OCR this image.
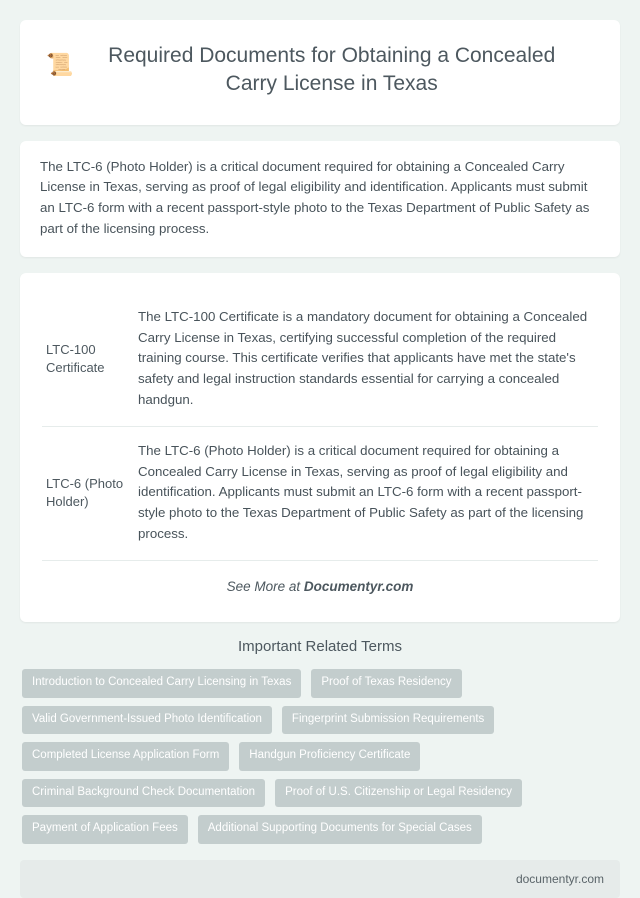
📜	Required Documents for Obtaining a Concealed Carry License in Texas

The LTC-6 (Photo Holder) is a critical document required for obtaining a Concealed Carry License in Texas, serving as proof of legal eligibility and identification. Applicants must submit an LTC-6 form with a recent passport-style photo to the Texas Department of Public Safety as part of the licensing process.

LTC-100 Certificate	The LTC-100 Certificate is a mandatory document for obtaining a Concealed Carry License in Texas, certifying successful completion of the required training course. This certificate verifies that applicants have met the state's safety and legal instruction standards essential for carrying a concealed handgun.
LTC-6 (Photo Holder)	The LTC-6 (Photo Holder) is a critical document required for obtaining a Concealed Carry License in Texas, serving as proof of legal eligibility and identification. Applicants must submit an LTC-6 form with a recent passport-style photo to the Texas Department of Public Safety as part of the licensing process.
See More at Documentyr.com
Important Related Terms
Introduction to Concealed Carry Licensing in Texas	Proof of Texas Residency
Valid Government-Issued Photo Identification	Fingerprint Submission Requirements
Completed License Application Form	Handgun Proficiency Certificate
Criminal Background Check Documentation	Proof of U.S. Citizenship or Legal Residency
Payment of Application Fees	Additional Supporting Documents for Special Cases
documentyr.com
